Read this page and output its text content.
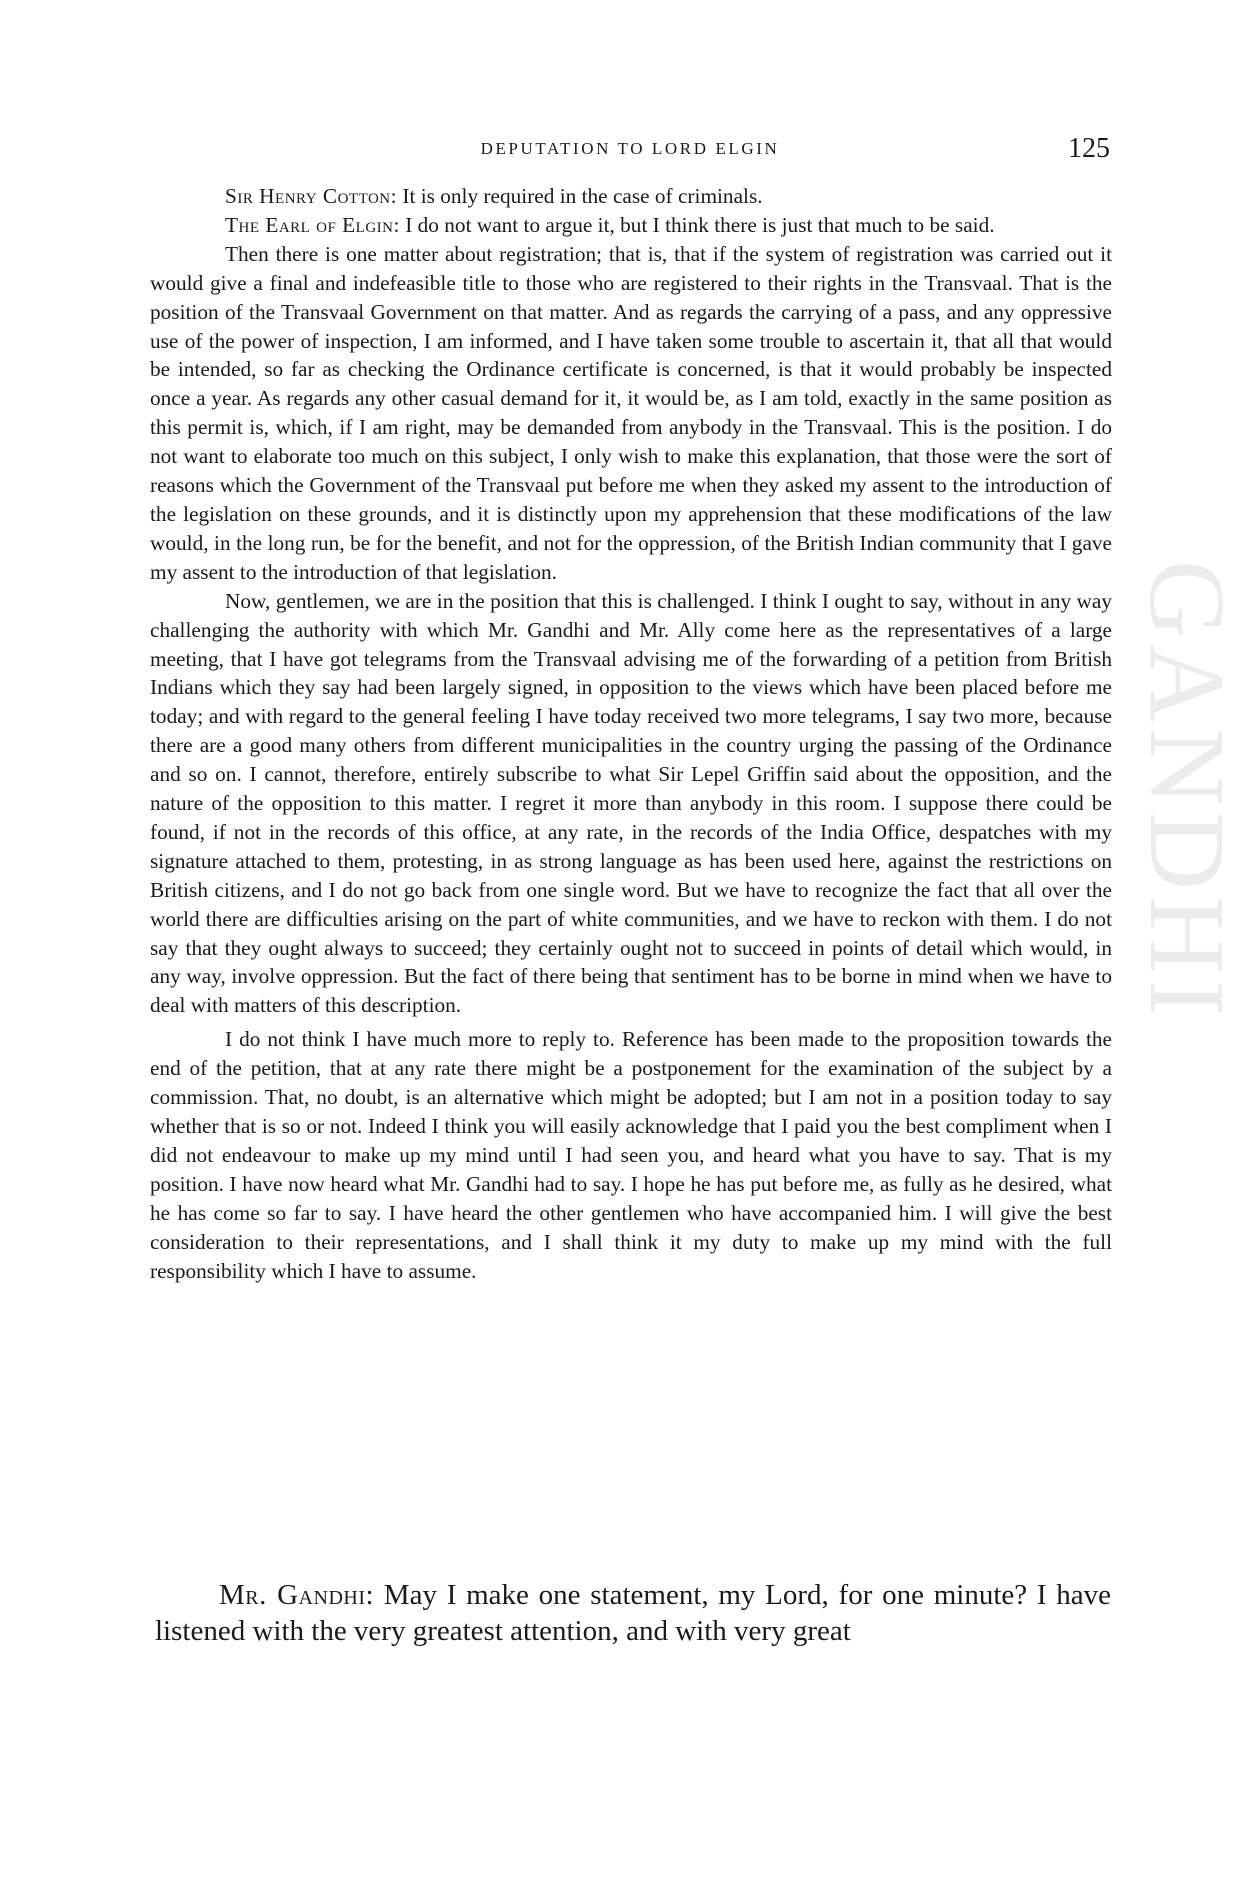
GANDHI
DEPUTATION TO LORD ELGIN	125

Sir Henry Cotton: It is only required in the case of criminals.

The Earl of Elgin: I do not want to argue it, but I think there is just that much to be said.

Then there is one matter about registration; that is, that if the system of registration was carried out it would give a final and indefeasible title to those who are registered to their rights in the Transvaal. That is the position of the Transvaal Government on that matter. And as regards the carrying of a pass, and any oppressive use of the power of inspection, I am informed, and I have taken some trouble to ascertain it, that all that would be intended, so far as checking the Ordinance certificate is concerned, is that it would probably be inspected once a year. As regards any other casual demand for it, it would be, as I am told, exactly in the same position as this permit is, which, if I am right, may be demanded from anybody in the Transvaal. This is the position. I do not want to elaborate too much on this subject, I only wish to make this explanation, that those were the sort of reasons which the Government of the Transvaal put before me when they asked my assent to the introduction of the legislation on these grounds, and it is distinctly upon my apprehension that these modifications of the law would, in the long run, be for the benefit, and not for the oppression, of the British Indian community that I gave my assent to the introduction of that legislation.

Now, gentlemen, we are in the position that this is challenged. I think I ought to say, without in any way challenging the authority with which Mr. Gandhi and Mr. Ally come here as the representatives of a large meeting, that I have got telegrams from the Transvaal advising me of the forwarding of a petition from British Indians which they say had been largely signed, in opposition to the views which have been placed before me today; and with regard to the general feeling I have today received two more telegrams, I say two more, because there are a good many others from different municipalities in the country urging the passing of the Ordinance and so on. I cannot, therefore, entirely subscribe to what Sir Lepel Griffin said about the opposition, and the nature of the opposition to this matter. I regret it more than anybody in this room. I suppose there could be found, if not in the records of this office, at any rate, in the records of the India Office, despatches with my signature attached to them, protesting, in as strong language as has been used here, against the restrictions on British citizens, and I do not go back from one single word. But we have to recognize the fact that all over the world there are difficulties arising on the part of white communities, and we have to reckon with them. I do not say that they ought always to succeed; they certainly ought not to succeed in points of detail which would, in any way, involve oppression. But the fact of there being that sentiment has to be borne in mind when we have to deal with matters of this description.

I do not think I have much more to reply to. Reference has been made to the proposition towards the end of the petition, that at any rate there might be a postponement for the examination of the subject by a commission. That, no doubt, is an alternative which might be adopted; but I am not in a position today to say whether that is so or not. Indeed I think you will easily acknowledge that I paid you the best compliment when I did not endeavour to make up my mind until I had seen you, and heard what you have to say. That is my position. I have now heard what Mr. Gandhi had to say. I hope he has put before me, as fully as he desired, what he has come so far to say. I have heard the other gentlemen who have accompanied him. I will give the best consideration to their representations, and I shall think it my duty to make up my mind with the full responsibility which I have to assume.

Mr. Gandhi: May I make one statement, my Lord, for one minute? I have listened with the very greatest attention, and with very great
